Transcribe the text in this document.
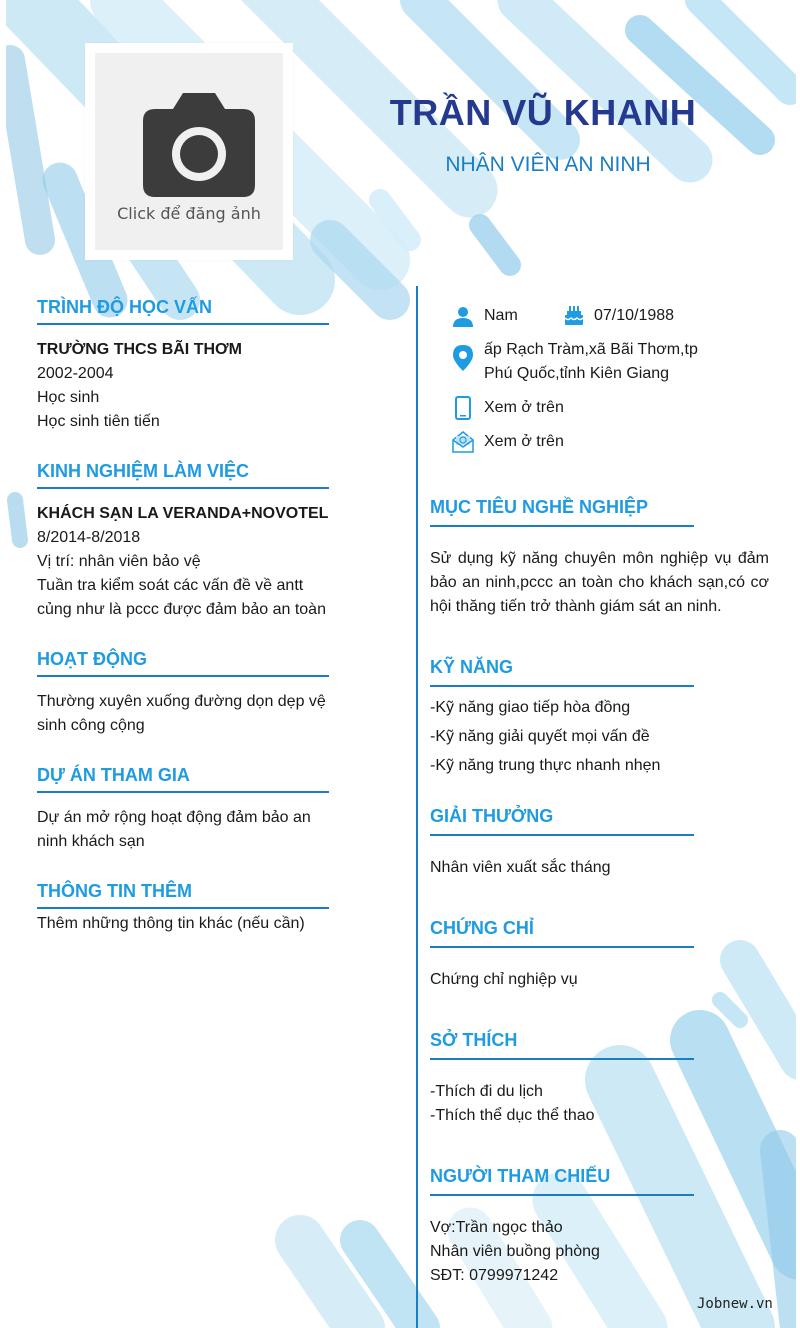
Click để đăng ảnh
TRẦN VŨ KHANH
NHÂN VIÊN AN NINH
TRÌNH ĐỘ HỌC VẤN
TRƯỜNG THCS BÃI THƠM
2002-2004
Học sinh
Học sinh tiên tiến
KINH NGHIỆM LÀM VIỆC
KHÁCH SẠN LA VERANDA+NOVOTEL
8/2014-8/2018
Vị trí: nhân viên bảo vệ
Tuần tra kiểm soát các vấn đề về antt
củng như là pccc được đảm bảo an toàn
HOẠT ĐỘNG
Thường xuyên xuống đường dọn dẹp vệ
sinh công cộng
DỰ ÁN THAM GIA
Dự án mở rộng hoạt động đảm bảo an
ninh khách sạn
THÔNG TIN THÊM
Thêm những thông tin khác (nếu cần)
Nam	07/10/1988
ấp Rạch Tràm,xã Bãi Thơm,tp
Phú Quốc,tỉnh Kiên Giang
Xem ở trên
Xem ở trên
MỤC TIÊU NGHỀ NGHIỆP
Sử dụng kỹ năng chuyên môn nghiệp vụ đảm bảo an ninh,pccc an toàn cho khách sạn,có cơ hội thăng tiến trở thành giám sát an ninh.
KỸ NĂNG
-Kỹ năng giao tiếp hòa đồng
-Kỹ năng giải quyết mọi vấn đề
-Kỹ năng trung thực nhanh nhẹn
GIẢI THƯỞNG
Nhân viên xuất sắc tháng
CHỨNG CHỈ
Chứng chỉ nghiệp vụ
SỞ THÍCH
-Thích đi du lịch
-Thích thể dục thể thao
NGƯỜI THAM CHIẾU
Vợ:Trần ngọc thảo
Nhân viên buồng phòng
SĐT: 0799971242
Jobnew.vn
